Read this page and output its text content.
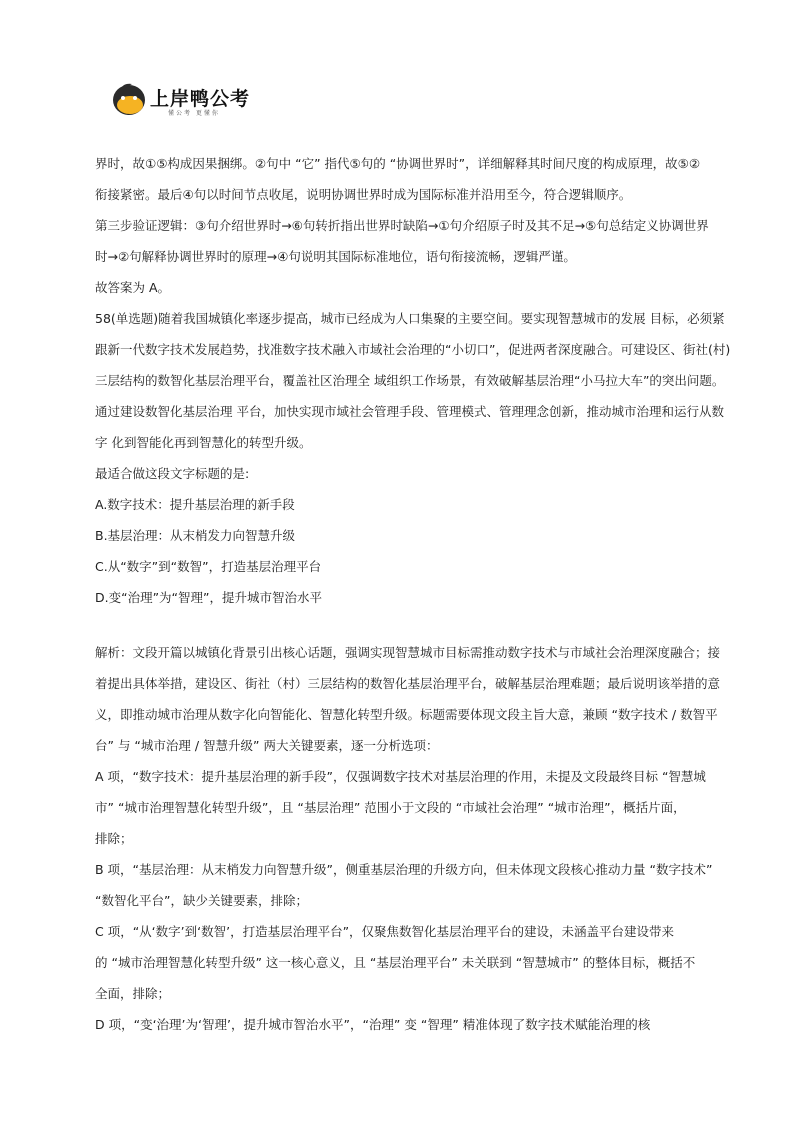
上岸鸭公考
懂公考 更懂你
界时，故①⑤构成因果捆绑。②句中 “它” 指代⑤句的 “协调世界时”，详细解释其时间尺度的构成原理，故⑤②
衔接紧密。最后④句以时间节点收尾，说明协调世界时成为国际标准并沿用至今，符合逻辑顺序。
第三步验证逻辑：③句介绍世界时→⑥句转折指出世界时缺陷→①句介绍原子时及其不足→⑤句总结定义协调世界
时→②句解释协调世界时的原理→④句说明其国际标准地位，语句衔接流畅，逻辑严谨。
故答案为 A。
58(单选题)随着我国城镇化率逐步提高，城市已经成为人口集聚的主要空间。要实现智慧城市的发展 目标，必须紧
跟新一代数字技术发展趋势，找准数字技术融入市域社会治理的“小切口”，促进两者深度融合。可建设区、街社(村)
三层结构的数智化基层治理平台，覆盖社区治理全 域组织工作场景，有效破解基层治理“小马拉大车”的突出问题。
通过建设数智化基层治理 平台，加快实现市域社会管理手段、管理模式、管理理念创新，推动城市治理和运行从数
字 化到智能化再到智慧化的转型升级。
最适合做这段文字标题的是:
A.数字技术：提升基层治理的新手段
B.基层治理：从末梢发力向智慧升级
C.从“数字”到“数智”，打造基层治理平台
D.变“治理”为“智理”，提升城市智治水平
解析：文段开篇以城镇化背景引出核心话题，强调实现智慧城市目标需推动数字技术与市域社会治理深度融合；接
着提出具体举措，建设区、街社（村）三层结构的数智化基层治理平台，破解基层治理难题；最后说明该举措的意
义，即推动城市治理从数字化向智能化、智慧化转型升级。标题需要体现文段主旨大意，兼顾 “数字技术 / 数智平
台” 与 “城市治理 / 智慧升级” 两大关键要素，逐一分析选项：
A 项，“数字技术：提升基层治理的新手段”，仅强调数字技术对基层治理的作用，未提及文段最终目标 “智慧城
市” “城市治理智慧化转型升级”，且 “基层治理” 范围小于文段的 “市域社会治理” “城市治理”，概括片面，
排除；
B 项，“基层治理：从末梢发力向智慧升级”，侧重基层治理的升级方向，但未体现文段核心推动力量 “数字技术”
“数智化平台”，缺少关键要素，排除；
C 项，“从‘数字’到‘数智’，打造基层治理平台”，仅聚焦数智化基层治理平台的建设，未涵盖平台建设带来
的 “城市治理智慧化转型升级” 这一核心意义，且 “基层治理平台” 未关联到 “智慧城市” 的整体目标，概括不
全面，排除；
D 项，“变‘治理’为‘智理’，提升城市智治水平”，“治理” 变 “智理” 精准体现了数字技术赋能治理的核
